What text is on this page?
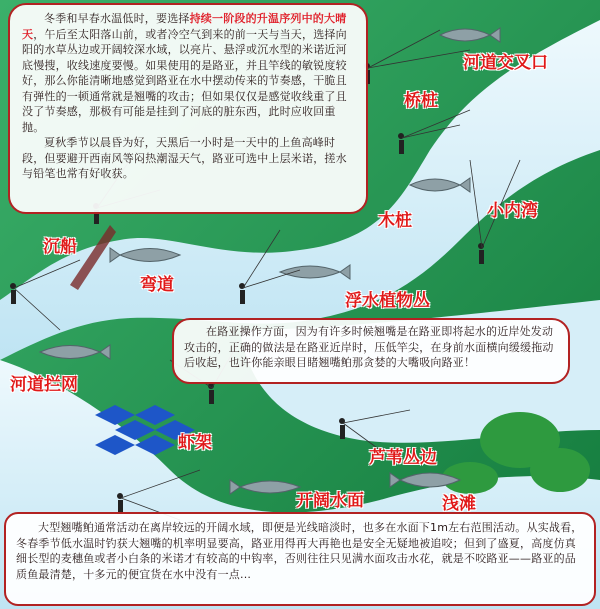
冬季和早春水温低时，要选择持续一阶段的升温序列中的大晴天，午后至太阳落山前，或者冷空气到来的前一天与当天，选择向阳的水草丛边或开阔较深水域，以亮片、悬浮或沉水型的米诺近河底慢搜，收线速度要慢。如果使用的是路亚，并且竿线的敏锐度较好，那么你能清晰地感觉到路亚在水中摆动传来的节奏感，干脆且有弹性的一顿通常就是翘嘴的攻击；但如果仅仅是感觉收线重了且没了节奏感，那极有可能是挂到了河底的脏东西，此时应收回重抛。

夏秋季节以晨昏为好，天黑后一小时是一天中的上鱼高峰时段，但要避开西南风等闷热潮湿天气，路亚可选中上层米诺，搓水与铅笔也常有好收获。

在路亚操作方面，因为有许多时候翘嘴是在路亚即将起水的近岸处发动攻击的，正确的做法是在路亚近岸时，压低竿尖，在身前水面横向缓缓拖动后收起，也许你能亲眼目睹翘嘴鲌那贪婪的大嘴吸向路亚！

大型翘嘴鲌通常活动在离岸较远的开阔水域，即便是光线暗淡时，也多在水面下1m左右范围活动。从实战看，冬春季节低水温时钓获大翘嘴的机率明显要高，路亚用得再大再艳也是安全无疑地被追咬；但到了盛夏，高度仿真细长型的麦穗鱼或者小白条的米诺才有较高的中钩率，否则往往只见满水面攻击水花，就是不咬路亚——路亚的品质鱼最清楚，十多元的便宜货在水中没有一点...

河道交叉口
桥桩
小内湾
木桩
沉船
弯道
浮水植物丛
河道拦网
虾架
芦苇丛边
开阔水面	浅滩
